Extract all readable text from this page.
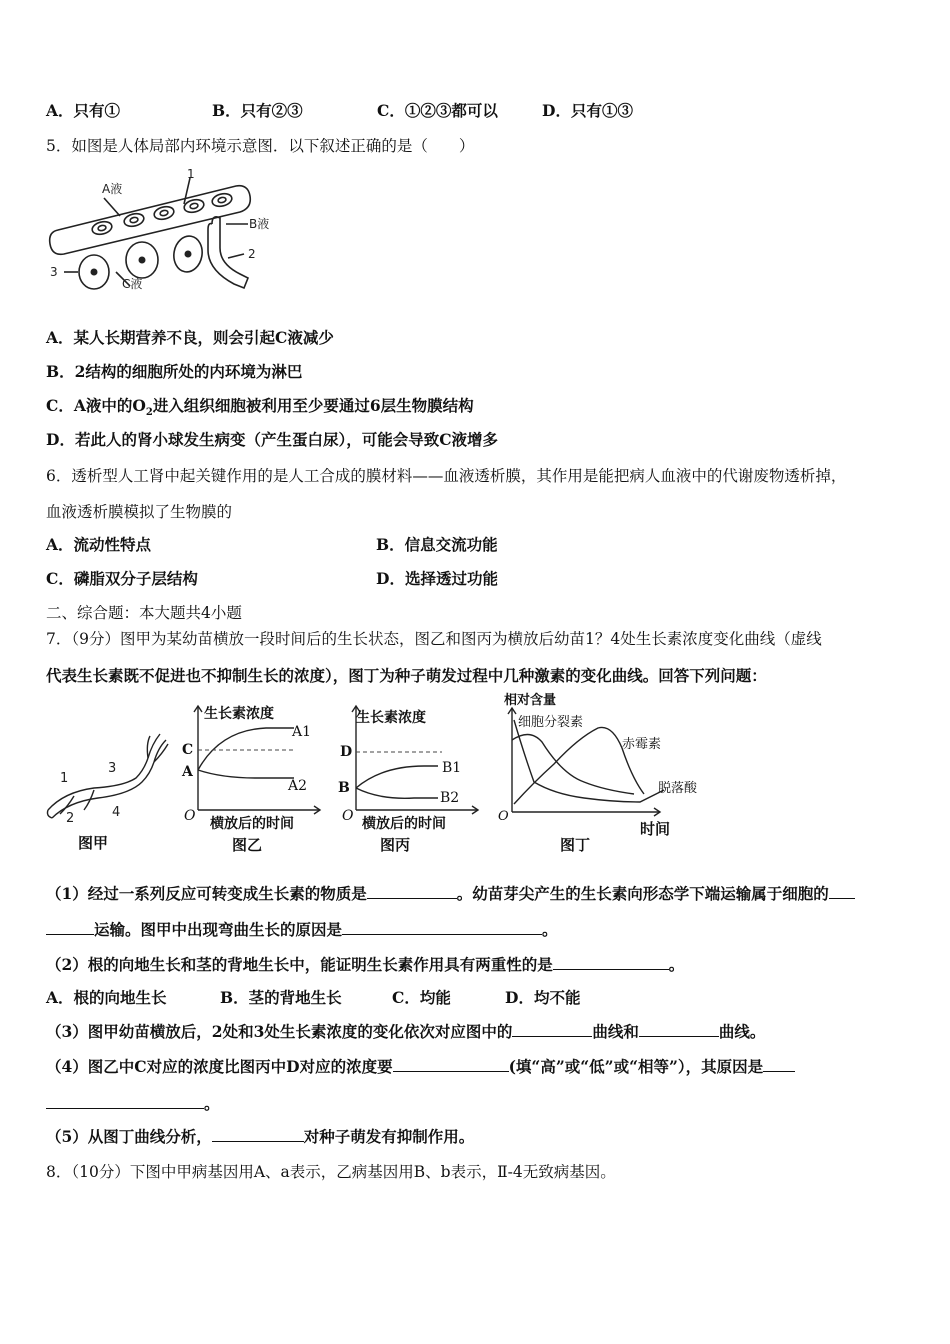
A．只有①	B．只有②③	C．①②③都可以	D．只有①③
5．如图是人体局部内环境示意图．以下叙述正确的是（　　）
A液
1
B液
2
3
C液
A．某人长期营养不良，则会引起C液减少
B．2结构的细胞所处的内环境为淋巴
C．A液中的$O_2$进入组织细胞被利用至少要通过6层生物膜结构
D．若此人的肾小球发生病变（产生蛋白尿），可能会导致C液增多
6．透析型人工肾中起关键作用的是人工合成的膜材料——血液透析膜，其作用是能把病人血液中的代谢废物透析掉，
血液透析膜模拟了生物膜的
A．流动性特点	B．信息交流功能
C．磷脂双分子层结构	D．选择透过功能
二、综合题：本大题共4小题
7．（9分）图甲为某幼苗横放一段时间后的生长状态，图乙和图丙为横放后幼苗1？4处生长素浓度变化曲线（虚线
代表生长素既不促进也不抑制生长的浓度），图丁为种子萌发过程中几种激素的变化曲线。回答下列问题：
1
3
2	4
图甲
生长素浓度
C
A
A1
A2
O 横放后的时间
图乙
生长素浓度
D
B
B1
B2
O 横放后的时间
图丙
相对含量
细胞分裂素
赤霉素
脱落酸
O
时间
图丁
（1）经过一系列反应可转变成生长素的物质是	。幼苗芽尖产生的生长素向形态学下端运输属于细胞的
运输。图甲中出现弯曲生长的原因是	。
（2）根的向地生长和茎的背地生长中，能证明生长素作用具有两重性的是	。
A．根的向地生长	B．茎的背地生长	C．均能	D．均不能
（3）图甲幼苗横放后，2处和3处生长素浓度的变化依次对应图中的	曲线和	曲线。
（4）图乙中C对应的浓度比图丙中D对应的浓度要	(填“高”或“低”或“相等”），其原因是
。
（5）从图丁曲线分析，	对种子萌发有抑制作用。
8．（10分）下图中甲病基因用A、a表示，乙病基因用B、b表示，Ⅱ-4无致病基因。
